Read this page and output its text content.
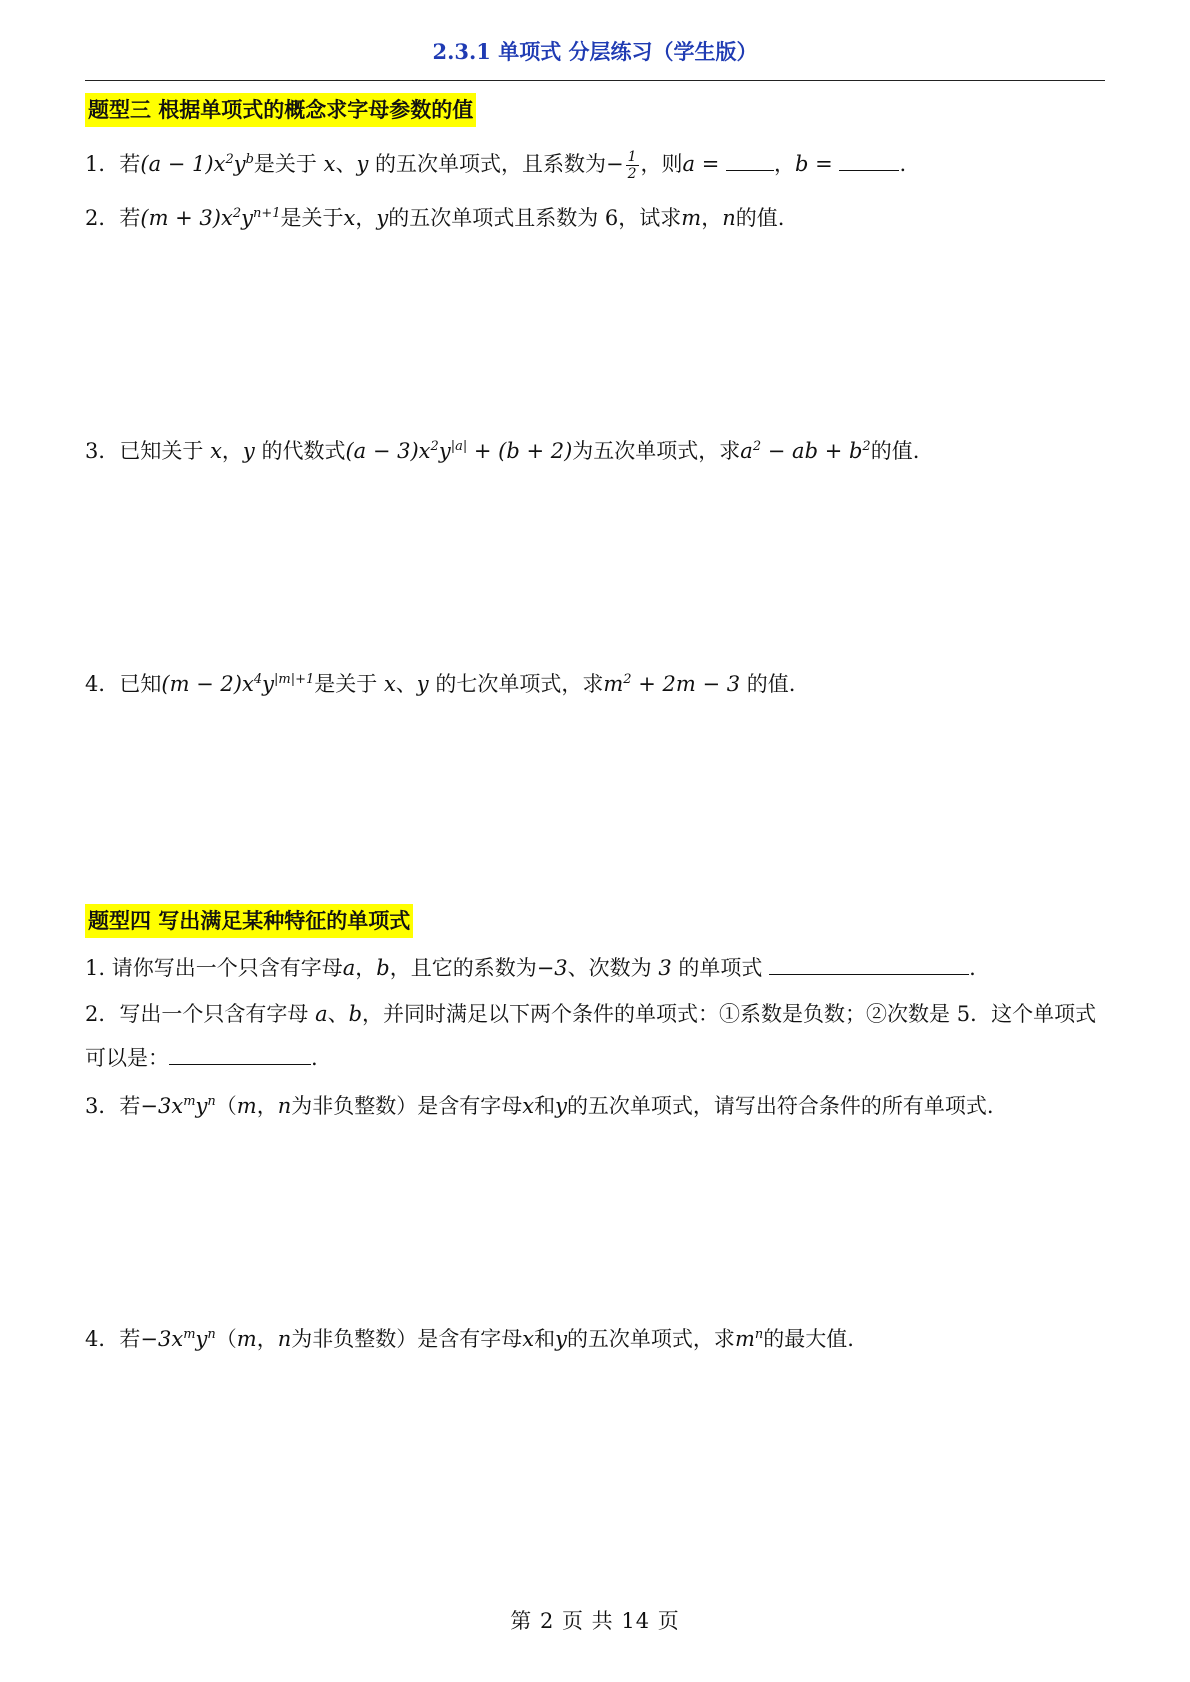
2.3.1 单项式 分层练习（学生版）
题型三 根据单项式的概念求字母参数的值
1．若$(a - 1)x^2y^b$是关于 x、y 的五次单项式，且系数为− $\frac{1}{2}$ ，则a = ，b =	.
2．若$(m + 3)x^2y^{n+1}$是关于x，y的五次单项式且系数为 6，试求m，n的值.
3．已知关于 x，y 的代数式$(a - 3)x^2y^{|a|} + (b + 2)$为五次单项式，求$a^2$ − ab + $b^2$的值.
4．已知$(m - 2)x^4y^{|m|+1}$是关于 x、y 的七次单项式，求$m^2 + 2m - 3$ 的值.
题型四 写出满足某种特征的单项式
1. 请你写出一个只含有字母a，b，且它的系数为−3、次数为 3 的单项式	.
2．写出一个只含有字母 a、b，并同时满足以下两个条件的单项式：①系数是负数；②次数是 5．这个单项式可以是：	.
3．若$-3x^my^n(m$，n为非负整数）是含有字母x和y的五次单项式，请写出符合条件的所有单项式.
4．若$-3x^my^n(m$，n为非负整数）是含有字母x和y的五次单项式，求$m^n$的最大值.
第 2 页 共 14 页
